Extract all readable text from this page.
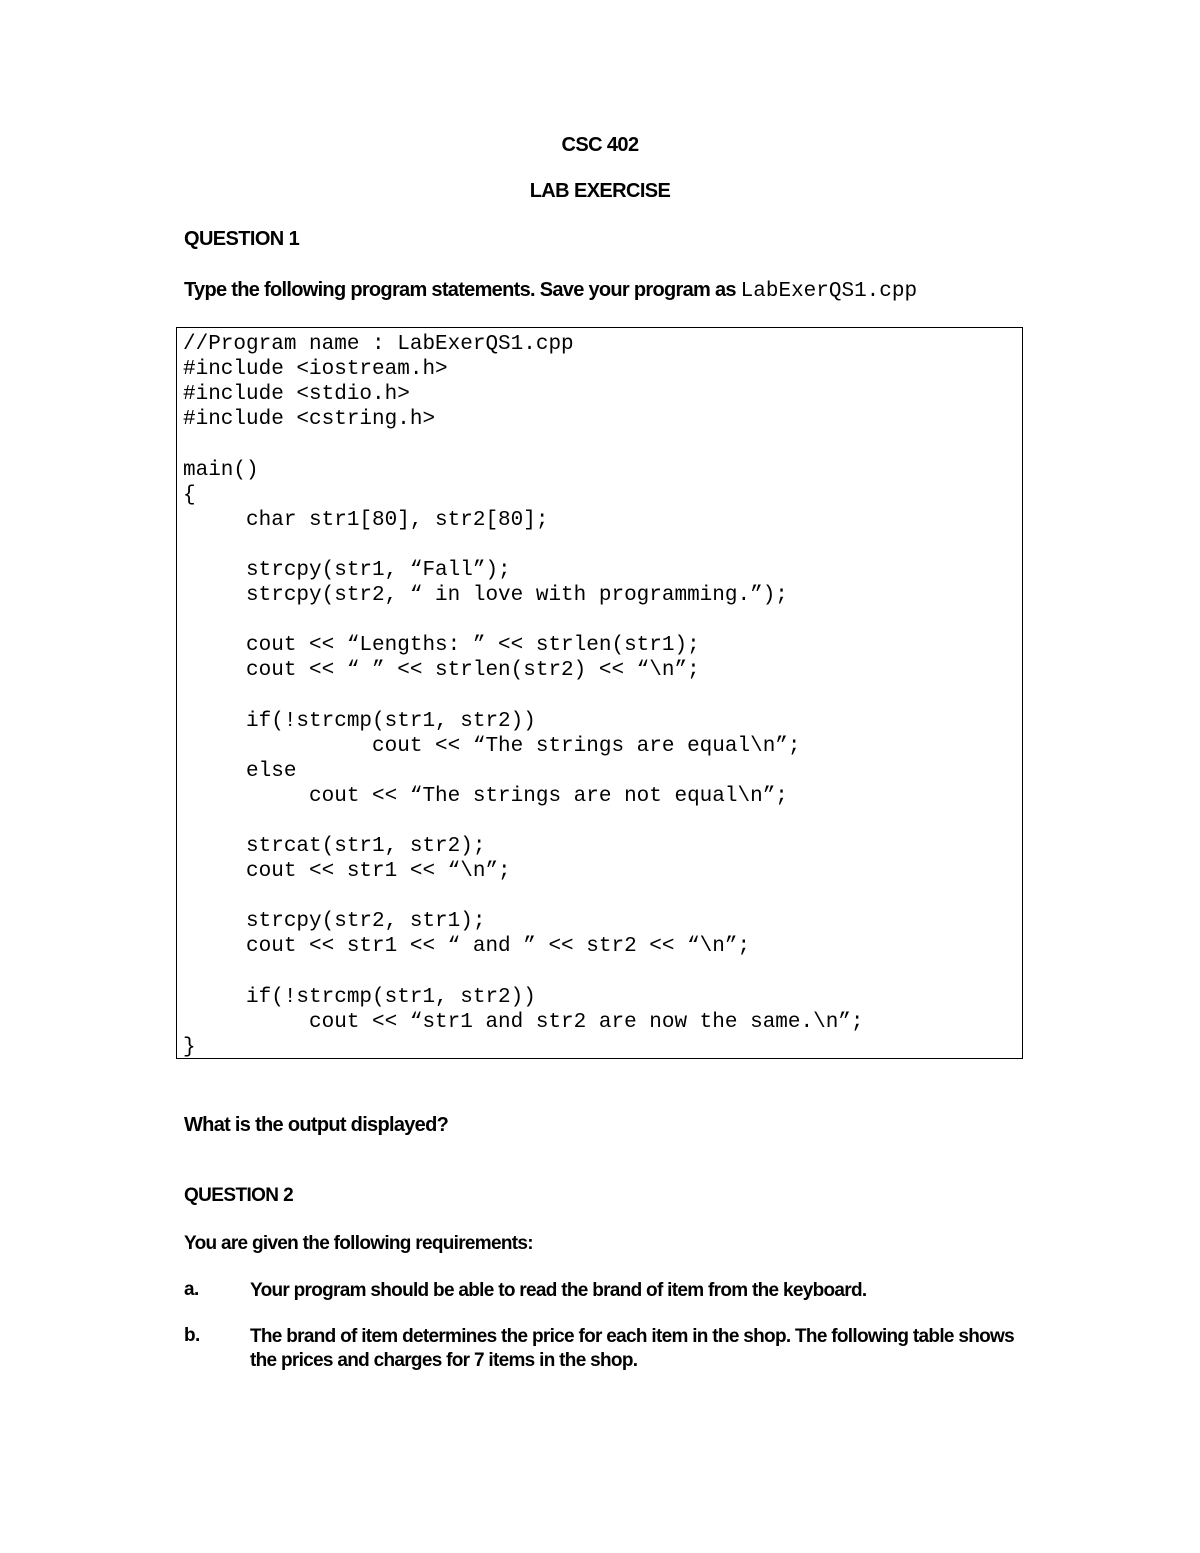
CSC 402
LAB EXERCISE
QUESTION 1
Type the following program statements. Save your program as LabExerQS1.cpp
//Program name : LabExerQS1.cpp
#include <iostream.h>
#include <stdio.h>
#include <cstring.h>
main()
{
char str1[80], str2[80];
strcpy(str1, “Fall”);
strcpy(str2, “ in love with programming.”);
cout << “Lengths: ” << strlen(str1);
cout << “ ” << strlen(str2) << “\n”;
if(!strcmp(str1, str2))
cout << “The strings are equal\n”;
else
cout << “The strings are not equal\n”;
strcat(str1, str2);
cout << str1 << “\n”;
strcpy(str2, str1);
cout << str1 << “ and ” << str2 << “\n”;
if(!strcmp(str1, str2))
cout << “str1 and str2 are now the same.\n”;
}
What is the output displayed?
QUESTION 2
You are given the following requirements:
a.	Your program should be able to read the brand of item from the keyboard.
b.	The brand of item determines the price for each item in the shop. The following table shows the prices and charges for 7 items in the shop.
